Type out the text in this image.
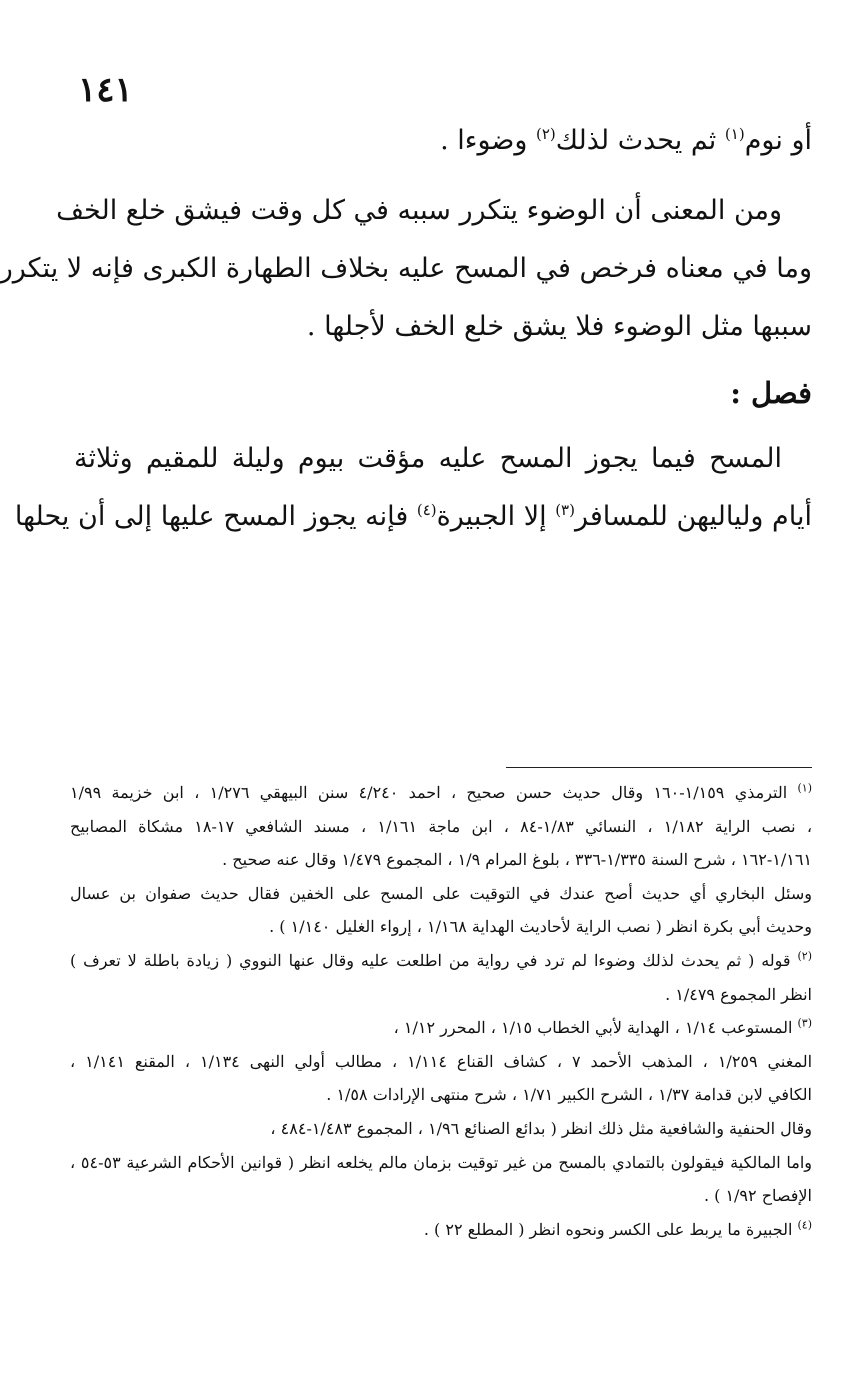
١٤١
أو نوم$^{(١)}$ ثم يحدث لذلك$^{(٢)}$ وضوءا .
ومن المعنى أن الوضوء يتكرر سببه في كل وقت فيشق خلع الخف
وما في معناه فرخص في المسح عليه بخلاف الطهارة الكبرى فإنه لا يتكرر
سببها مثل الوضوء فلا يشق خلع الخف لأجلها .
فصل :
المسح فيما يجوز المسح عليه مؤقت بيوم وليلة للمقيم وثلاثة
أيام ولياليهن للمسافر$^{(٣)}$ إلا الجبيرة$^{(٤)}$ فإنه يجوز المسح عليها إلى أن يحلها
$^{(١)}$ الترمذي ١/١٥٩-١٦٠ وقال حديث حسن صحيح ، احمد ٤/٢٤٠ سنن البيهقي ١/٢٧٦ ، ابن خزيمة ١/٩٩
، نصب الراية ١/١٨٢ ، النسائي ١/٨٣-٨٤ ، ابن ماجة ١/١٦١ ، مسند الشافعي ١٧-١٨ مشكاة المصابيح
١/١٦١-١٦٢ ، شرح السنة ١/٣٣٥-٣٣٦ ، بلوغ المرام ١/٩ ، المجموع ١/٤٧٩ وقال عنه صحيح .
وسئل البخاري أي حديث أصح عندك في التوقيت على المسح على الخفين فقال حديث صفوان بن عسال
وحديث أبي بكرة انظر ( نصب الراية لأحاديث الهداية ١/١٦٨ ، إرواء الغليل ١/١٤٠ ) .
$^{(٢)}$ قوله ( ثم يحدث لذلك وضوءا لم ترد في رواية من اطلعت عليه وقال عنها النووي ( زيادة باطلة لا تعرف )
انظر المجموع ١/٤٧٩ .
$^{(٣)}$ المستوعب ١/١٤ ، الهداية لأبي الخطاب ١/١٥ ، المحرر ١/١٢ ،
المغني ١/٢٥٩ ، المذهب الأحمد ٧ ، كشاف القناع ١/١١٤ ، مطالب أولي النهى ١/١٣٤ ، المقنع ١/١٤١ ،
الكافي لابن قدامة ١/٣٧ ، الشرح الكبير ١/٧١ ، شرح منتهى الإرادات ١/٥٨ .
وقال الحنفية والشافعية مثل ذلك انظر ( بدائع الصنائع ١/٩٦ ، المجموع ١/٤٨٣-٤٨٤ ،
واما المالكية فيقولون بالتمادي بالمسح من غير توقيت بزمان مالم يخلعه انظر ( قوانين الأحكام الشرعية ٥٣-٥٤ ،
الإفصاح ١/٩٢ ) .
$^{(٤)}$ الجبيرة ما يربط على الكسر ونحوه انظر ( المطلع ٢٢ ) .
